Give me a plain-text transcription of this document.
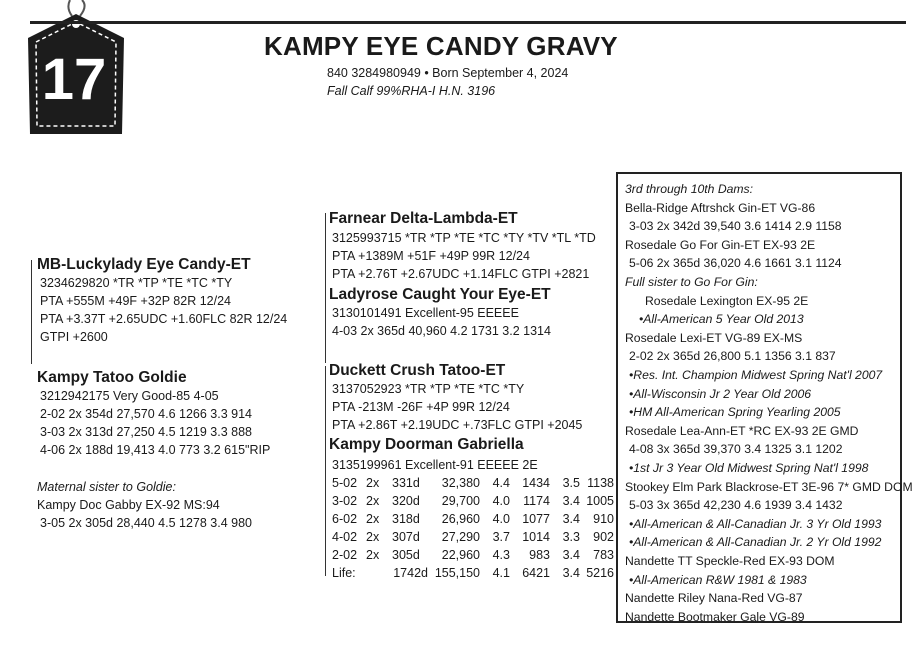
17
KAMPY EYE CANDY GRAVY
840 3284980949 • Born September 4, 2024
Fall Calf 99%RHA-I H.N. 3196
MB-Luckylady Eye Candy-ET
3234629820 *TR *TP *TE *TC *TY
PTA +555M +49F +32P 82R 12/24
PTA +3.37T +2.65UDC +1.60FLC 82R 12/24
GTPI +2600
Kampy Tatoo Goldie
3212942175 Very Good-85 4-05
2-02 2x 354d 27,570 4.6 1266 3.3 914
3-03 2x 313d 27,250 4.5 1219 3.3 888
4-06 2x 188d 19,413 4.0 773 3.2 615"RIP
Maternal sister to Goldie:
Kampy Doc Gabby EX-92 MS:94
3-05 2x 305d 28,440 4.5 1278 3.4 980
Farnear Delta-Lambda-ET
3125993715 *TR *TP *TE *TC *TY *TV *TL *TD
PTA +1389M +51F +49P 99R 12/24
PTA +2.76T +2.67UDC +1.14FLC GTPI +2821
Ladyrose Caught Your Eye-ET
3130101491 Excellent-95 EEEEE
4-03 2x 365d 40,960 4.2 1731 3.2 1314
Duckett Crush Tatoo-ET
3137052923 *TR *TP *TE *TC *TY
PTA -213M -26F +4P 99R 12/24
PTA +2.86T +2.19UDC +.73FLC GTPI +2045
Kampy Doorman Gabriella
3135199961 Excellent-91 EEEEE 2E
5-02 2x 331d 32,380 4.4 1434 3.5 1138
3-02 2x 320d 29,700 4.0 1174 3.4 1005
6-02 2x 318d 26,960 4.0 1077 3.4 910
4-02 2x 307d 27,290 3.7 1014 3.3 902
2-02 2x 305d 22,960 4.3 983 3.4 783
Life:	1742d 155,150 4.1 6421 3.4 5216
3rd through 10th Dams:
Bella-Ridge Aftrshck Gin-ET VG-86
3-03 2x 342d 39,540 3.6 1414 2.9 1158
Rosedale Go For Gin-ET EX-93 2E
5-06 2x 365d 36,020 4.6 1661 3.1 1124
Full sister to Go For Gin:
Rosedale Lexington EX-95 2E
•All-American 5 Year Old 2013
Rosedale Lexi-ET VG-89 EX-MS
2-02 2x 365d 26,800 5.1 1356 3.1 837
•Res. Int. Champion Midwest Spring Nat'l 2007
•All-Wisconsin Jr 2 Year Old 2006
•HM All-American Spring Yearling 2005
Rosedale Lea-Ann-ET *RC EX-93 2E GMD
4-08 3x 365d 39,370 3.4 1325 3.1 1202
•1st Jr 3 Year Old Midwest Spring Nat'l 1998
Stookey Elm Park Blackrose-ET 3E-96 7* GMD DOM
5-03 3x 365d 42,230 4.6 1939 3.4 1432
•All-American & All-Canadian Jr. 3 Yr Old 1993
•All-American & All-Canadian Jr. 2 Yr Old 1992
Nandette TT Speckle-Red EX-93 DOM
•All-American R&W 1981 & 1983
Nandette Riley Nana-Red VG-87
Nandette Bootmaker Gale VG-89
